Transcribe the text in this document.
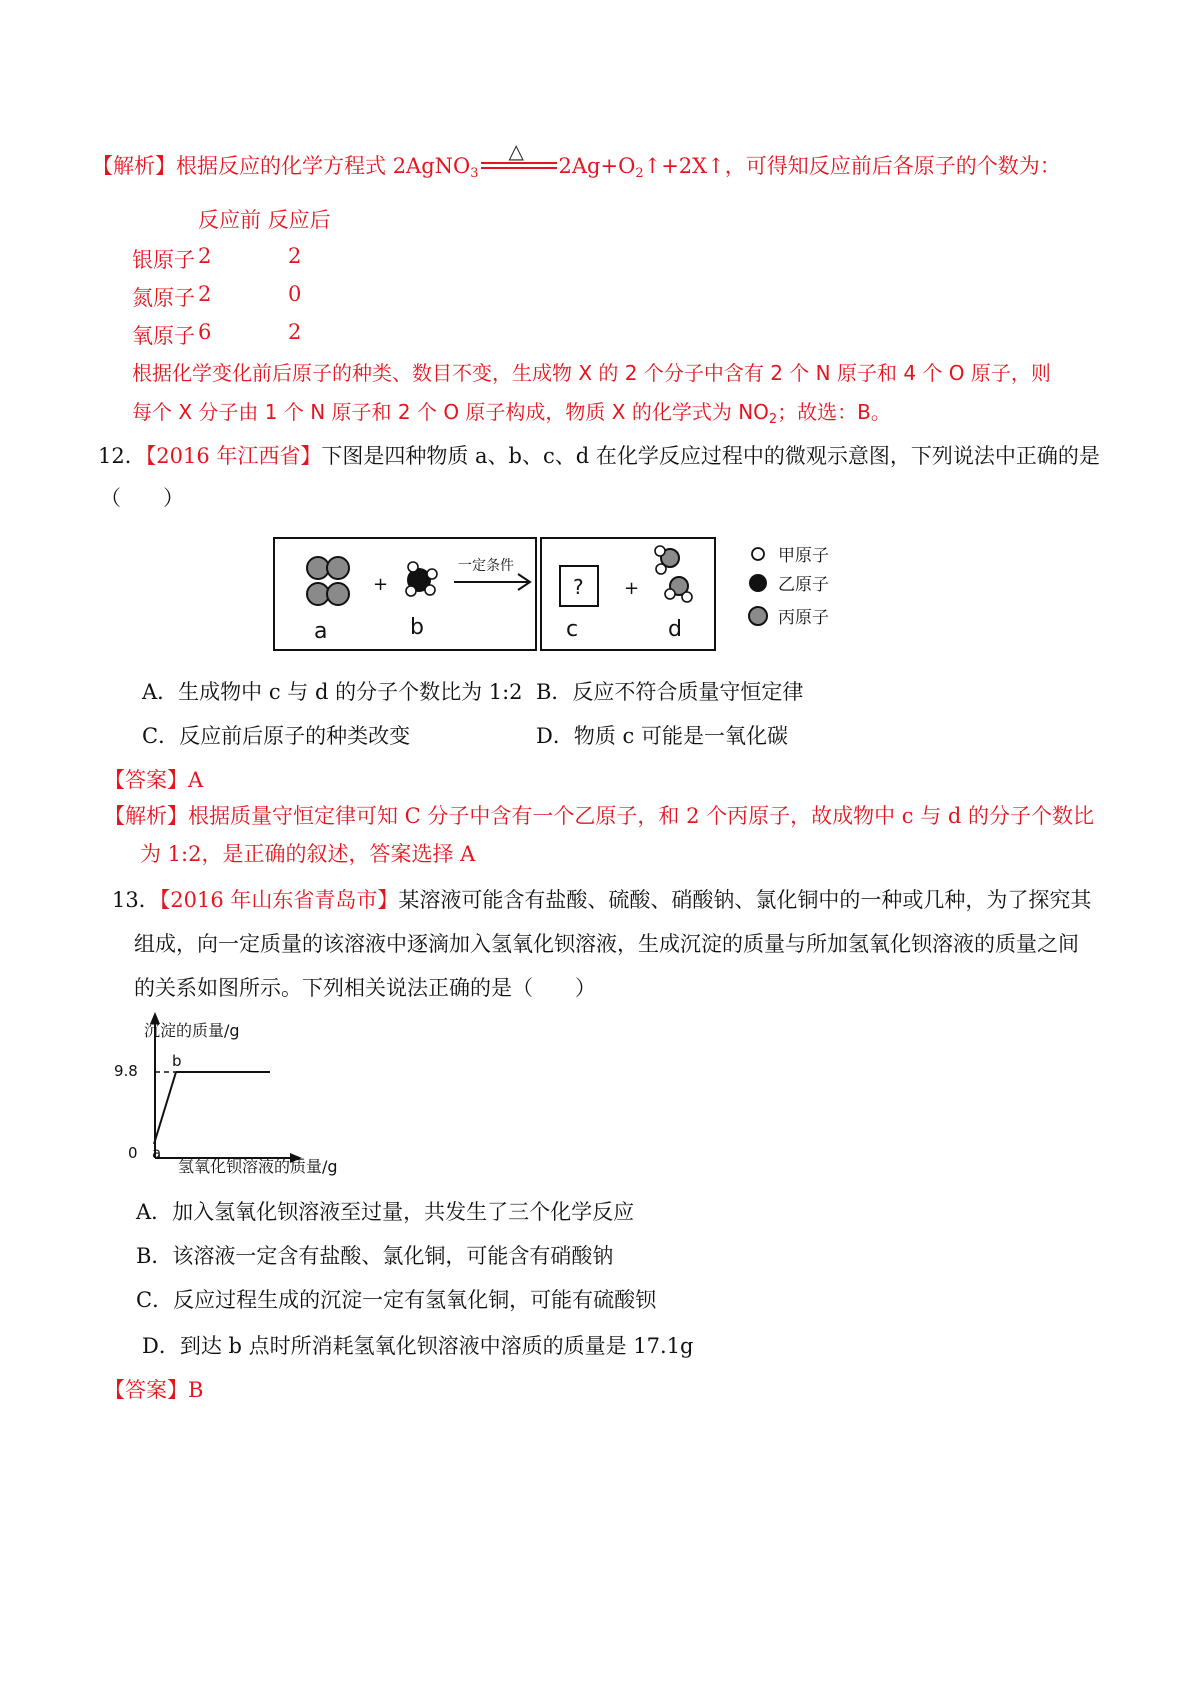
【解析】根据反应的化学方程式 2AgNO$_3$
△
$2Ag+O_2↑+2X↑$，可得知反应前后各原子的个数为：
反应前 反应后
银原子 2	2
氮原子 2	0
氧原子 6	2
根据化学变化前后原子的种类、数目不变，生成物 X 的 2 个分子中含有 2 个 N 原子和 4 个 O 原子，则
每个 X 分子由 1 个 N 原子和 2 个 O 原子构成，物质 X 的化学式为 $NO_2$；故选：B。
12．【2016 年江西省】下图是四种物质 a、b、c、d 在化学反应过程中的微观示意图，下列说法中正确的是
（　　）
+
a	b
一定条件
? +
c	d
甲原子
乙原子
丙原子
A．生成物中 c 与 d 的分子个数比为 1:2 B．反应不符合质量守恒定律
C．反应前后原子的种类改变	D．物质 c 可能是一氧化碳
【答案】A
【解析】根据质量守恒定律可知 C 分子中含有一个乙原子，和 2 个丙原子，故成物中 c 与 d 的分子个数比
为 1:2，是正确的叙述，答案选择 A
13．【2016 年山东省青岛市】某溶液可能含有盐酸、硫酸、硝酸钠、氯化铜中的一种或几种，为了探究其
组成，向一定质量的该溶液中逐滴加入氢氧化钡溶液，生成沉淀的质量与所加氢氧化钡溶液的质量之间
的关系如图所示。下列相关说法正确的是（　　）
沉淀的质量/g
氢氧化钡溶液的质量/g
0
9.8
a
b
A．加入氢氧化钡溶液至过量，共发生了三个化学反应
B．该溶液一定含有盐酸、氯化铜，可能含有硝酸钠
C．反应过程生成的沉淀一定有氢氧化铜，可能有硫酸钡
D．到达 b 点时所消耗氢氧化钡溶液中溶质的质量是 17.1g
【答案】B
